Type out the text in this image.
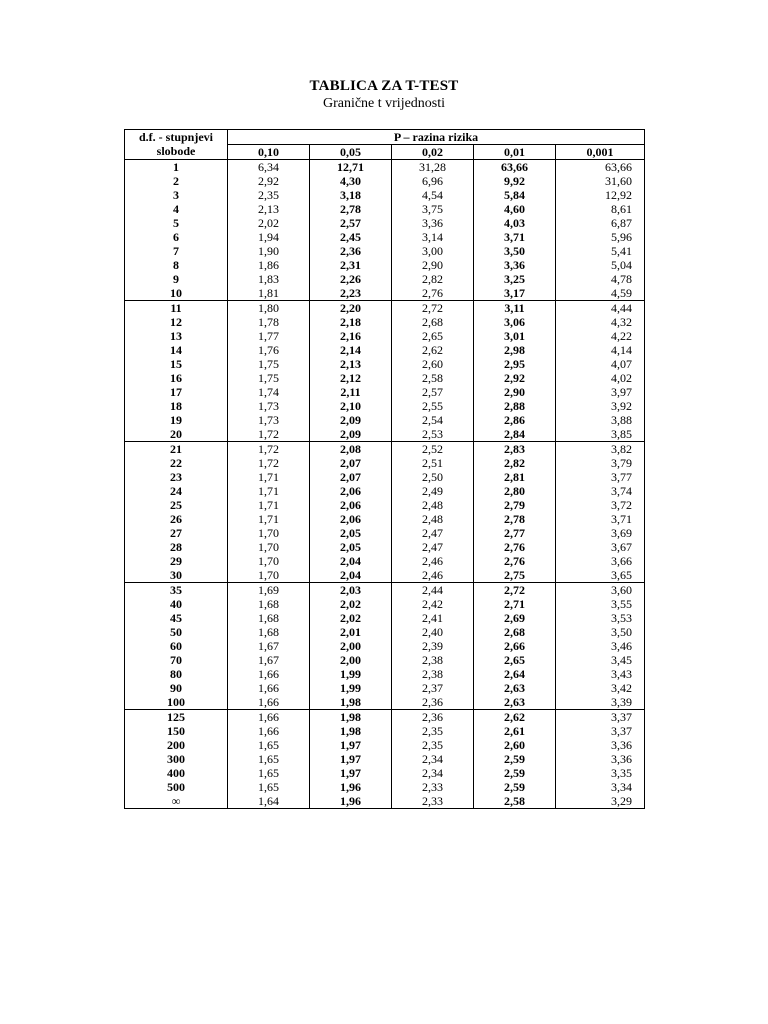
TABLICA ZA T-TEST
Granične t vrijednosti
d.f. - stupnjevi
slobode	P – razina rizika				
	0,10	0,05	0,02	0,01	0,001
1	6,34	12,71	31,28	63,66	63,66
2	2,92	4,30	6,96	9,92	31,60
3	2,35	3,18	4,54	5,84	12,92
4	2,13	2,78	3,75	4,60	8,61
5	2,02	2,57	3,36	4,03	6,87
6	1,94	2,45	3,14	3,71	5,96
7	1,90	2,36	3,00	3,50	5,41
8	1,86	2,31	2,90	3,36	5,04
9	1,83	2,26	2,82	3,25	4,78
10	1,81	2,23	2,76	3,17	4,59
11	1,80	2,20	2,72	3,11	4,44
12	1,78	2,18	2,68	3,06	4,32
13	1,77	2,16	2,65	3,01	4,22
14	1,76	2,14	2,62	2,98	4,14
15	1,75	2,13	2,60	2,95	4,07
16	1,75	2,12	2,58	2,92	4,02
17	1,74	2,11	2,57	2,90	3,97
18	1,73	2,10	2,55	2,88	3,92
19	1,73	2,09	2,54	2,86	3,88
20	1,72	2,09	2,53	2,84	3,85
21	1,72	2,08	2,52	2,83	3,82
22	1,72	2,07	2,51	2,82	3,79
23	1,71	2,07	2,50	2,81	3,77
24	1,71	2,06	2,49	2,80	3,74
25	1,71	2,06	2,48	2,79	3,72
26	1,71	2,06	2,48	2,78	3,71
27	1,70	2,05	2,47	2,77	3,69
28	1,70	2,05	2,47	2,76	3,67
29	1,70	2,04	2,46	2,76	3,66
30	1,70	2,04	2,46	2,75	3,65
35	1,69	2,03	2,44	2,72	3,60
40	1,68	2,02	2,42	2,71	3,55
45	1,68	2,02	2,41	2,69	3,53
50	1,68	2,01	2,40	2,68	3,50
60	1,67	2,00	2,39	2,66	3,46
70	1,67	2,00	2,38	2,65	3,45
80	1,66	1,99	2,38	2,64	3,43
90	1,66	1,99	2,37	2,63	3,42
100	1,66	1,98	2,36	2,63	3,39
125	1,66	1,98	2,36	2,62	3,37
150	1,66	1,98	2,35	2,61	3,37
200	1,65	1,97	2,35	2,60	3,36
300	1,65	1,97	2,34	2,59	3,36
400	1,65	1,97	2,34	2,59	3,35
500	1,65	1,96	2,33	2,59	3,34
∞	1,64	1,96	2,33	2,58	3,29
